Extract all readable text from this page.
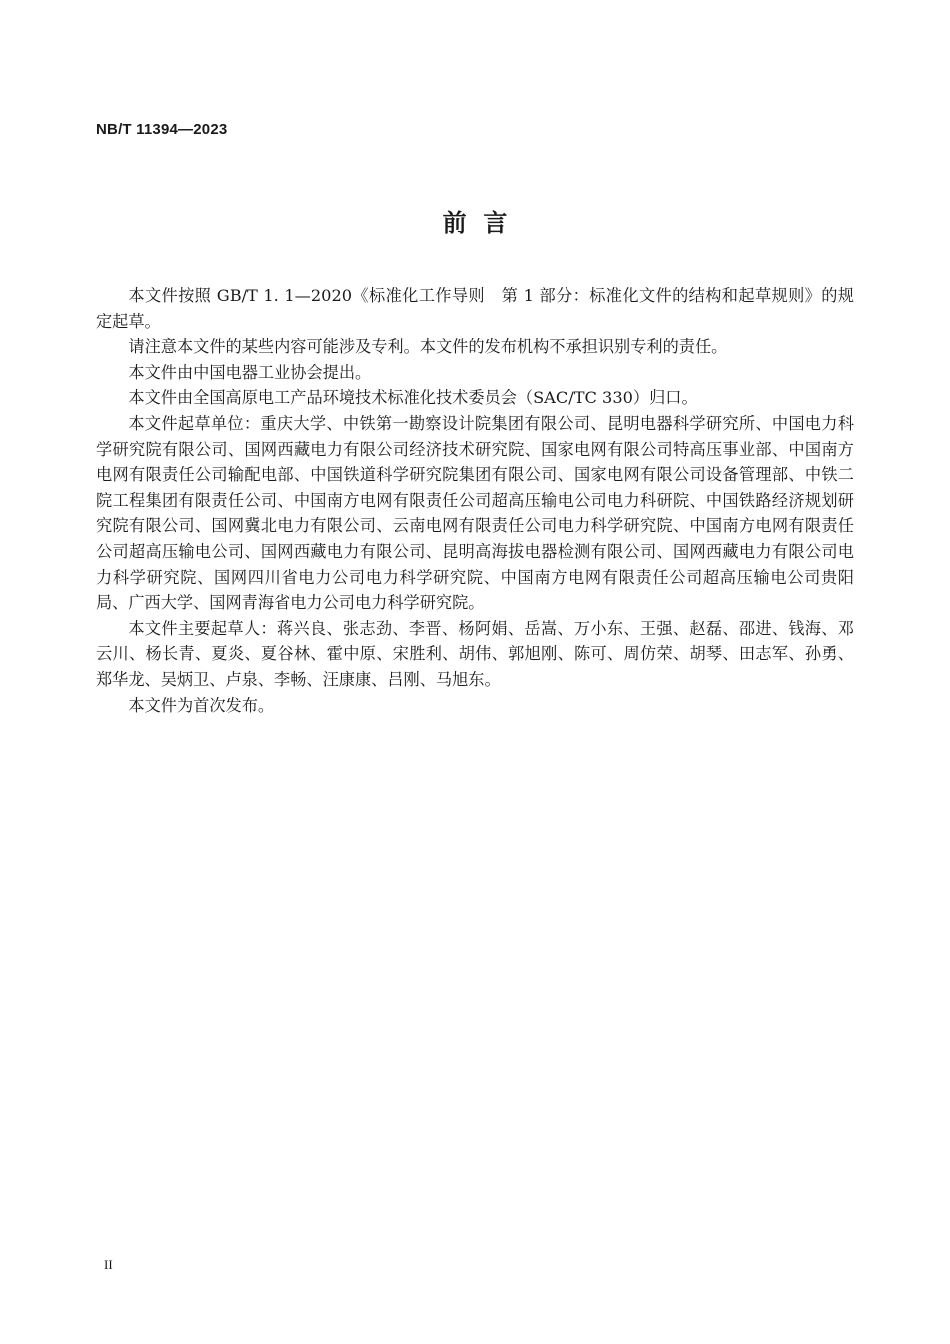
NB/T 11394—2023
前  言

本文件按照 GB/T 1. 1—2020《标准化工作导则　第 1 部分：标准化文件的结构和起草规则》的规定起草。

请注意本文件的某些内容可能涉及专利。本文件的发布机构不承担识别专利的责任。

本文件由中国电器工业协会提出。

本文件由全国高原电工产品环境技术标准化技术委员会（SAC/TC 330）归口。

本文件起草单位：重庆大学、中铁第一勘察设计院集团有限公司、昆明电器科学研究所、中国电力科学研究院有限公司、国网西藏电力有限公司经济技术研究院、国家电网有限公司特高压事业部、中国南方电网有限责任公司输配电部、中国铁道科学研究院集团有限公司、国家电网有限公司设备管理部、中铁二院工程集团有限责任公司、中国南方电网有限责任公司超高压输电公司电力科研院、中国铁路经济规划研究院有限公司、国网冀北电力有限公司、云南电网有限责任公司电力科学研究院、中国南方电网有限责任公司超高压输电公司、国网西藏电力有限公司、昆明高海拔电器检测有限公司、国网西藏电力有限公司电力科学研究院、国网四川省电力公司电力科学研究院、中国南方电网有限责任公司超高压输电公司贵阳局、广西大学、国网青海省电力公司电力科学研究院。

本文件主要起草人：蒋兴良、张志劲、李晋、杨阿娟、岳嵩、万小东、王强、赵磊、邵进、钱海、邓云川、杨长青、夏炎、夏谷林、霍中原、宋胜利、胡伟、郭旭刚、陈可、周仿荣、胡琴、田志军、孙勇、郑华龙、吴炳卫、卢泉、李畅、汪康康、吕刚、马旭东。

本文件为首次发布。

II
